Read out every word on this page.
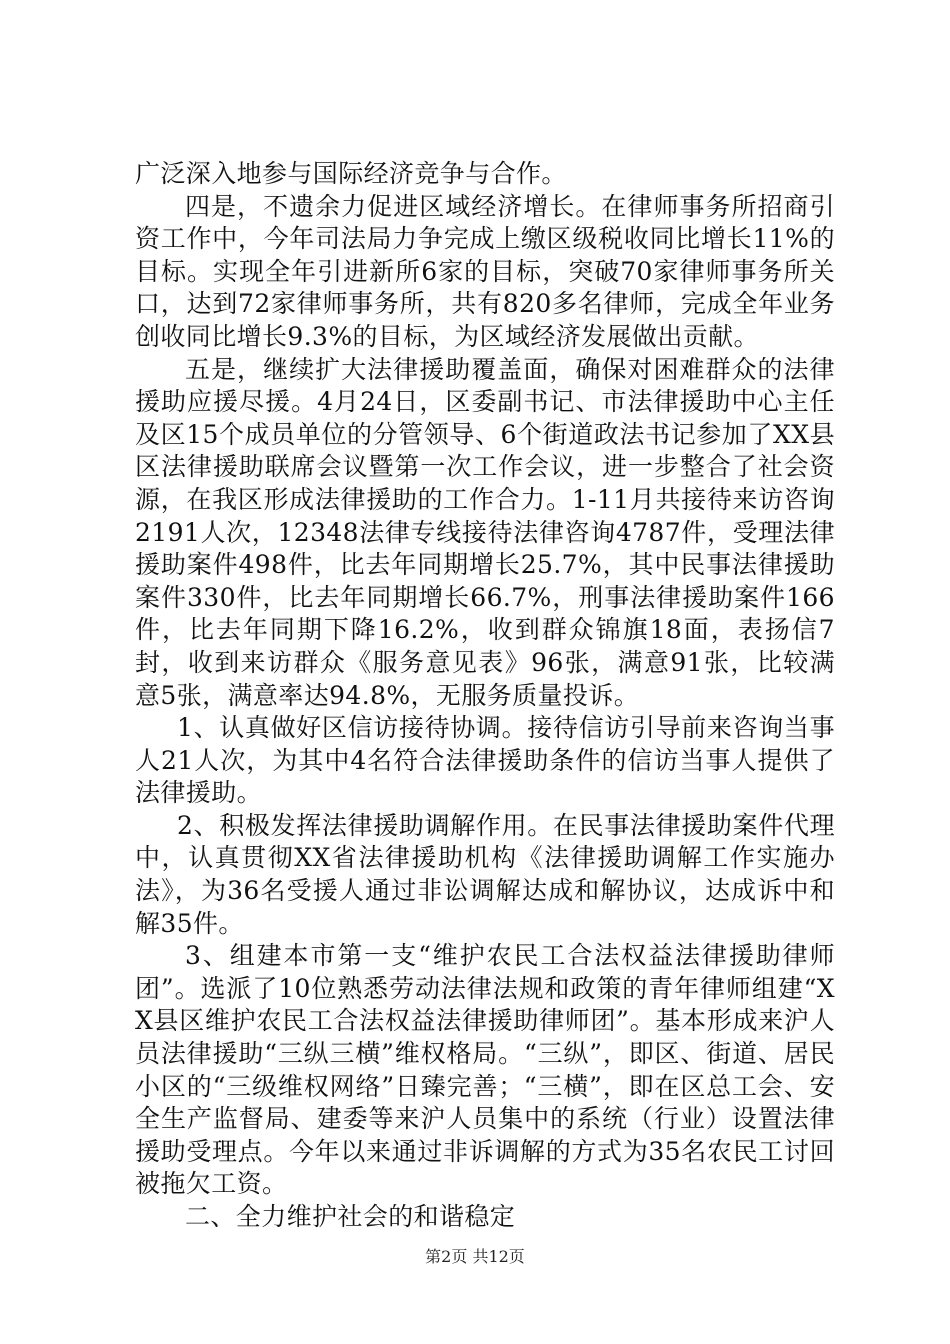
广泛深入地参与国际经济竞争与合作。

四是，不遗余力促进区域经济增长。在律师事务所招商引资工作中，今年司法局力争完成上缴区级税收同比增长11%的目标。实现全年引进新所6家的目标，突破70家律师事务所关口，达到72家律师事务所，共有820多名律师，完成全年业务创收同比增长9.3%的目标，为区域经济发展做出贡献。

五是，继续扩大法律援助覆盖面，确保对困难群众的法律援助应援尽援。4月24日，区委副书记、市法律援助中心主任及区15个成员单位的分管领导、6个街道政法书记参加了XX县区法律援助联席会议暨第一次工作会议，进一步整合了社会资源，在我区形成法律援助的工作合力。1-11月共接待来访咨询2191人次，12348法律专线接待法律咨询4787件，受理法律援助案件498件，比去年同期增长25.7%，其中民事法律援助案件330件，比去年同期增长66.7%，刑事法律援助案件166件，比去年同期下降16.2%，收到群众锦旗18面，表扬信7封，收到来访群众《服务意见表》96张，满意91张，比较满意5张，满意率达94.8%，无服务质量投诉。

1、认真做好区信访接待协调。接待信访引导前来咨询当事人21人次，为其中4名符合法律援助条件的信访当事人提供了法律援助。

2、积极发挥法律援助调解作用。在民事法律援助案件代理中，认真贯彻XX省法律援助机构《法律援助调解工作实施办法》，为36名受援人通过非讼调解达成和解协议，达成诉中和解35件。

3、组建本市第一支“维护农民工合法权益法律援助律师团”。选派了10位熟悉劳动法律法规和政策的青年律师组建“XX县区维护农民工合法权益法律援助律师团”。基本形成来沪人员法律援助“三纵三横”维权格局。“三纵”，即区、街道、居民小区的“三级维权网络”日臻完善；“三横”，即在区总工会、安全生产监督局、建委等来沪人员集中的系统（行业）设置法律援助受理点。今年以来通过非诉调解的方式为35名农民工讨回被拖欠工资。

二、全力维护社会的和谐稳定

第2页 共12页
